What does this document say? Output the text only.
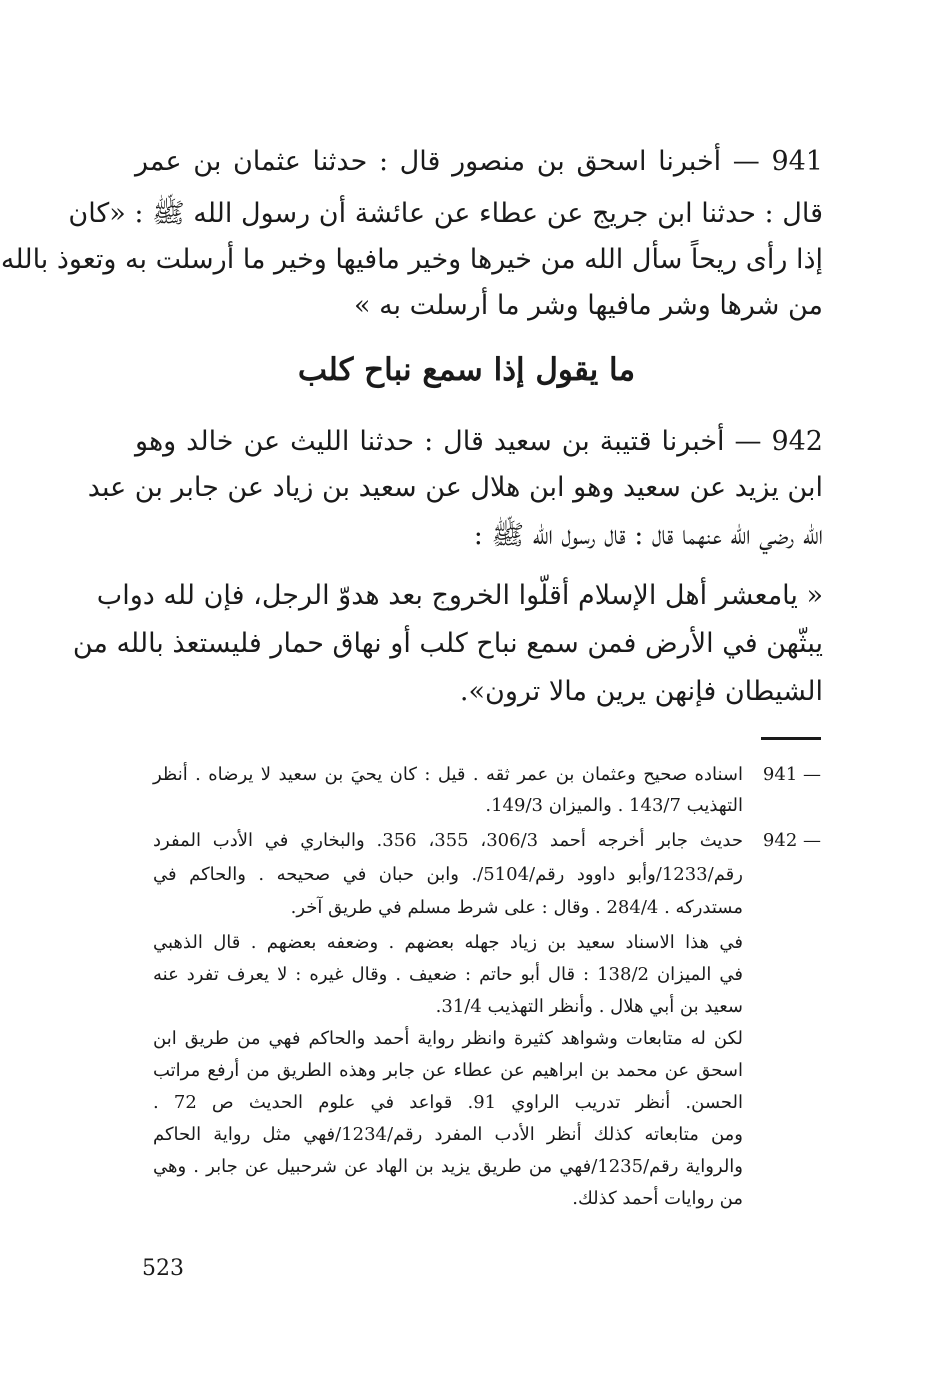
941 — أخبرنا اسحق بن منصور قال : حدثنا عثمان بن عمر
قال : حدثنا ابن جريج عن عطاء عن عائشة أن رسول الله ﷺ : «كان
إذا رأى ريحاً سأل الله من خيرها وخير مافيها وخير ما أرسلت به وتعوذ بالله
من شرها وشر مافيها وشر ما أرسلت به »
ما يقول إذا سمع نباح كلب
942 — أخبرنا قتيبة بن سعيد قال : حدثنا الليث عن خالد وهو
ابن يزيد عن سعيد وهو ابن هلال عن سعيد بن زياد عن جابر بن عبد
الله رضي الله عنهما قال : قال رسول الله ﷺ :
« يامعشر أهل الإسلام أقلّوا الخروج بعد هدوّ الرجل، فإن لله دواب
يبثّهن في الأرض فمن سمع نباح كلب أو نهاق حمار فليستعذ بالله من
الشيطان فإنهن يرين مالا ترون».
941 —
اسناده صحيح وعثمان بن عمر ثقه . قيل : كان يحيَ بن سعيد لا يرضاه . أنظر
التهذيب 143/7 . والميزان 149/3.
942 —
حديث جابر أخرجه أحمد 306/3، 355، 356. والبخاري في الأدب المفرد
رقم/1233/وأبو داوود رقم/5104/. وابن حبان في صحيحه . والحاكم في
مستدركه . 284/4 . وقال : على شرط مسلم في طريق آخر.
في هذا الاسناد سعيد بن زياد جهله بعضهم . وضعفه بعضهم . قال الذهبي
في الميزان 138/2 : قال أبو حاتم : ضعيف . وقال غيره : لا يعرف تفرد عنه
سعيد بن أبي هلال . وأنظر التهذيب 31/4.
لكن له متابعات وشواهد كثيرة وانظر رواية أحمد والحاكم فهي من طريق ابن
اسحق عن محمد بن ابراهيم عن عطاء عن جابر وهذه الطريق من أرفع مراتب
الحسن. أنظر تدريب الراوي 91. قواعد في علوم الحديث ص 72 .
ومن متابعاته كذلك أنظر الأدب المفرد رقم/1234/فهي مثل رواية الحاكم
والرواية رقم/1235/فهي من طريق يزيد بن الهاد عن شرحبيل عن جابر . وهي
من روايات أحمد كذلك.
523
